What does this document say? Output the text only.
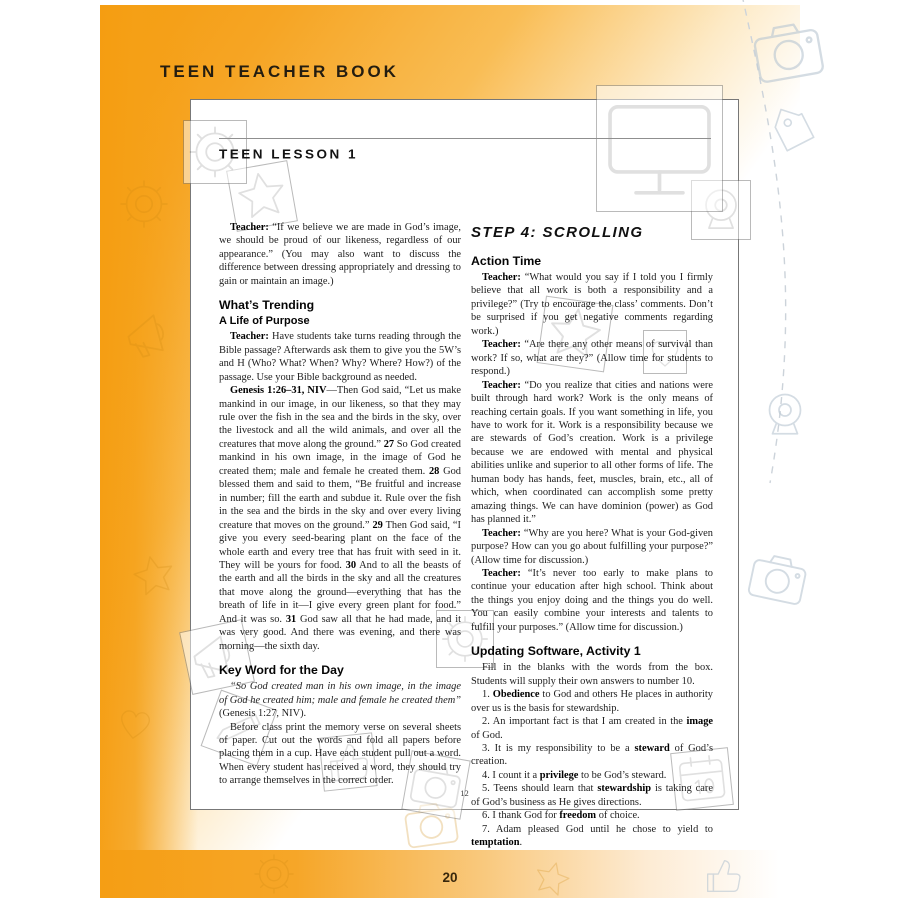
TEEN TEACHER BOOK
TEEN LESSON 1
Teacher: “If we believe we are made in God’s image, we should be proud of our likeness, regardless of our appearance.” (You may also want to discuss the difference between dressing appropriately and dressing to gain or maintain an image.)
What’s Trending
A Life of Purpose
Teacher: Have students take turns reading through the Bible passage? Afterwards ask them to give you the 5W’s and H (Who? What? When? Why? Where? How?) of the passage. Use your Bible background as needed.
Genesis 1:26–31, NIV—Then God said, “Let us make mankind in our image, in our likeness, so that they may rule over the fish in the sea and the birds in the sky, over the livestock and all the wild animals, and over all the creatures that move along the ground.” 27 So God created mankind in his own image, in the image of God he created them; male and female he created them. 28 God blessed them and said to them, “Be fruitful and increase in number; fill the earth and subdue it. Rule over the fish in the sea and the birds in the sky and over every living creature that moves on the ground.” 29 Then God said, “I give you every seed-bearing plant on the face of the whole earth and every tree that has fruit with seed in it. They will be yours for food. 30 And to all the beasts of the earth and all the birds in the sky and all the creatures that move along the ground—everything that has the breath of life in it—I give every green plant for food.” And it was so. 31 God saw all that he had made, and it was very good. And there was evening, and there was morning—the sixth day.
Key Word for the Day
“So God created man in his own image, in the image of God he created him; male and female he created them” (Genesis 1:27, NIV).
Before class print the memory verse on several sheets of paper. Cut out the words and fold all papers before placing them in a cup. Have each student pull out a word. When every student has received a word, they should try to arrange themselves in the correct order.
STEP 4: SCROLLING
Action Time
Teacher: “What would you say if I told you I firmly believe that all work is both a responsibility and a privilege?” (Try to encourage the class’ comments. Don’t be surprised if you get negative comments regarding work.)
Teacher: “Are there any other means of survival than work? If so, what are they?” (Allow time for students to respond.)
Teacher: “Do you realize that cities and nations were built through hard work? Work is the only means of reaching certain goals. If you want something in life, you have to work for it. Work is a responsibility because we are stewards of God’s creation. Work is a privilege because we are endowed with mental and physical abilities unlike and superior to all other forms of life. The human body has hands, feet, muscles, brain, etc., all of which, when coordinated can accomplish some pretty amazing things. We can have dominion (power) as God has planned it.”
Teacher: “Why are you here? What is your God-given purpose? How can you go about fulfilling your purpose?” (Allow time for discussion.)
Teacher: “It’s never too early to make plans to continue your education after high school. Think about the things you enjoy doing and the things you do well. You can easily combine your interests and talents to fulfill your purposes.” (Allow time for discussion.)
Updating Software, Activity 1
Fill in the blanks with the words from the box. Students will supply their own answers to number 10.
1. Obedience to God and others He places in authority over us is the basis for stewardship.
2. An important fact is that I am created in the image of God.
3. It is my responsibility to be a steward of God’s creation.
4. I count it a privilege to be God’s steward.
5. Teens should learn that stewardship is taking care of God’s business as He gives directions.
6. I thank God for freedom of choice.
7. Adam pleased God until he chose to yield to temptation.
12
20
